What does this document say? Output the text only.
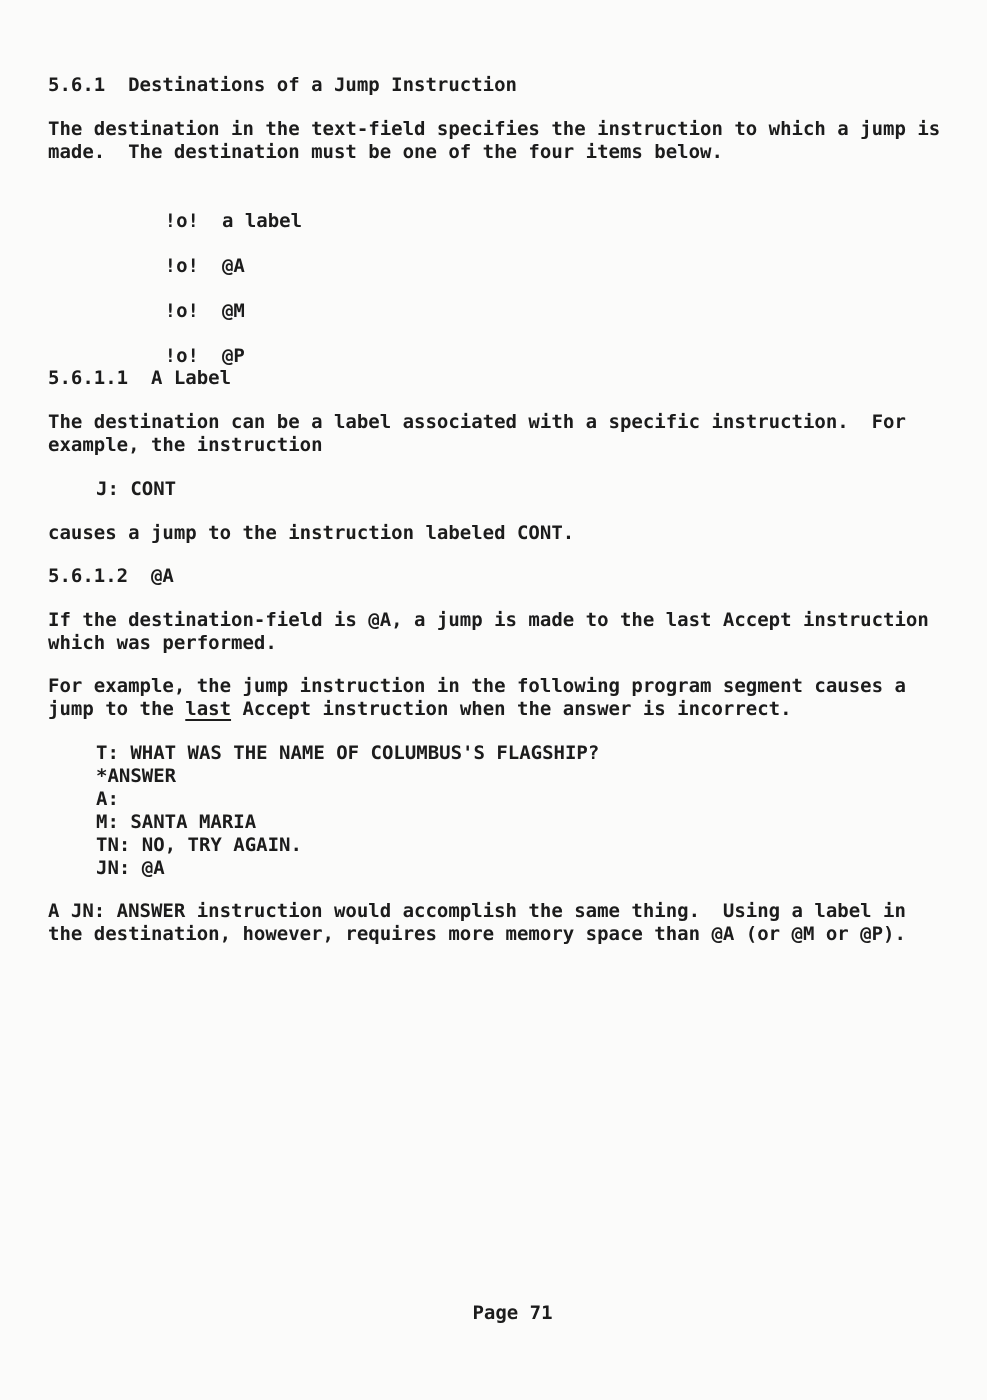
5.6.1  Destinations of a Jump Instruction
The destination in the text-field specifies the instruction to which a jump is
made.  The destination must be one of the four items below.

!o! a label

!o! @A

!o! @M

!o! @P

5.6.1.1  A Label
The destination can be a label associated with a specific instruction.  For
example, the instruction
J: CONT
causes a jump to the instruction labeled CONT.
5.6.1.2  @A
If the destination-field is @A, a jump is made to the last Accept instruction
which was performed.
For example, the jump instruction in the following program segment causes a
jump to the last Accept instruction when the answer is incorrect.
T: WHAT WAS THE NAME OF COLUMBUS'S FLAGSHIP?
*ANSWER
A:
M: SANTA MARIA
TN: NO, TRY AGAIN.
JN: @A
A JN: ANSWER instruction would accomplish the same thing.  Using a label in
the destination, however, requires more memory space than @A (or @M or @P).
Page 71
